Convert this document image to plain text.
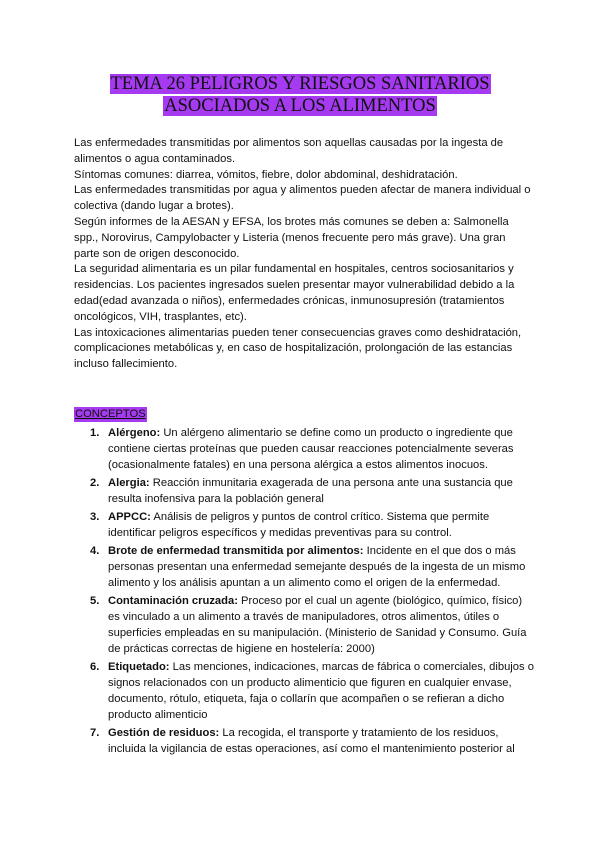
TEMA 26 PELIGROS Y RIESGOS SANITARIOS
ASOCIADOS A LOS ALIMENTOS

Las enfermedades transmitidas por alimentos son aquellas causadas por la ingesta de alimentos o agua contaminados.

Síntomas comunes: diarrea, vómitos, fiebre, dolor abdominal, deshidratación.

Las enfermedades transmitidas por agua y alimentos pueden afectar de manera individual o colectiva (dando lugar a brotes).

Según informes de la AESAN y EFSA, los brotes más comunes se deben a: Salmonella spp., Norovirus, Campylobacter y Listeria (menos frecuente pero más grave). Una gran parte son de origen desconocido.

La seguridad alimentaria es un pilar fundamental en hospitales, centros sociosanitarios y residencias. Los pacientes ingresados suelen presentar mayor vulnerabilidad debido a la edad(edad avanzada o niños), enfermedades crónicas, inmunosupresión (tratamientos oncológicos, VIH, trasplantes, etc).

Las intoxicaciones alimentarias pueden tener consecuencias graves como deshidratación, complicaciones metabólicas y, en caso de hospitalización, prolongación de las estancias incluso fallecimiento.

CONCEPTOS
1. Alérgeno: Un alérgeno alimentario se define como un producto o ingrediente que contiene ciertas proteínas que pueden causar reacciones potencialmente severas (ocasionalmente fatales) en una persona alérgica a estos alimentos inocuos.
2. Alergia: Reacción inmunitaria exagerada de una persona ante una sustancia que resulta inofensiva para la población general
3. APPCC: Análisis de peligros y puntos de control crítico. Sistema que permite identificar peligros específicos y medidas preventivas para su control.
4. Brote de enfermedad transmitida por alimentos: Incidente en el que dos o más personas presentan una enfermedad semejante después de la ingesta de un mismo alimento y los análisis apuntan a un alimento como el origen de la enfermedad.
5. Contaminación cruzada: Proceso por el cual un agente (biológico, químico, físico) es vinculado a un alimento a través de manipuladores, otros alimentos, útiles o superficies empleadas en su manipulación. (Ministerio de Sanidad y Consumo. Guía de prácticas correctas de higiene en hostelería: 2000)
6. Etiquetado: Las menciones, indicaciones, marcas de fábrica o comerciales, dibujos o signos relacionados con un producto alimenticio que figuren en cualquier envase, documento, rótulo, etiqueta, faja o collarín que acompañen o se refieran a dicho producto alimenticio
7. Gestión de residuos: La recogida, el transporte y tratamiento de los residuos, incluida la vigilancia de estas operaciones, así como el mantenimiento posterior al
